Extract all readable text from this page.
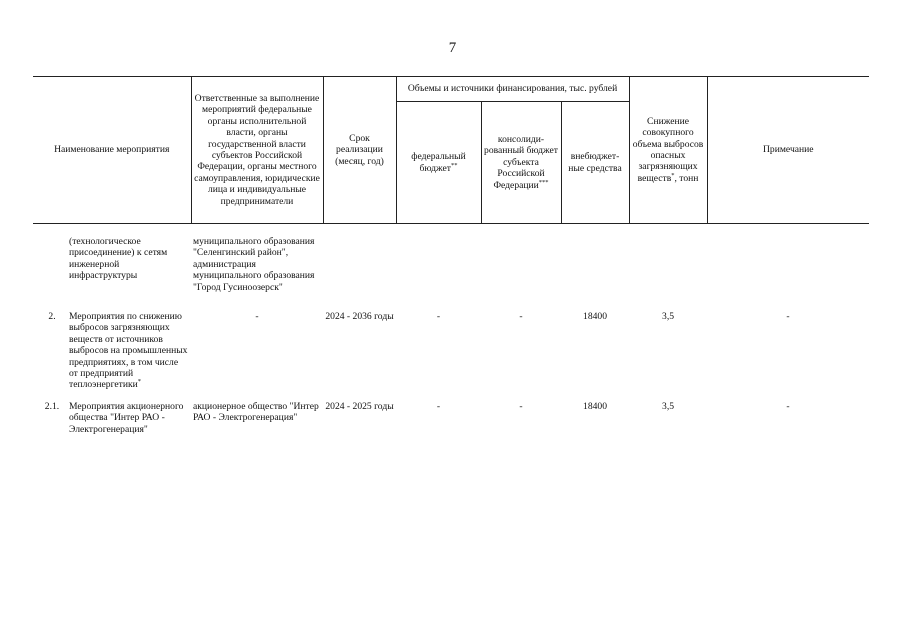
7
Наименование мероприятия	Ответственные за выполнение мероприятий федеральные органы исполнительной власти, органы государственной власти субъектов Российской Федерации, органы местного самоуправления, юридические лица и индивидуальные предприниматели	Срок реализации (месяц, год)	Объемы и источники финансирования, тыс. рублей			Снижение совокупного объема выбросов опасных загрязняющих веществ*, тонн	Примечание
			федеральный бюджет**	консолиди-рованный бюджет субъекта Российской Федерации***	внебюджет-ные средства		

(технологическое присоединение) к сетям инженерной инфраструктуры	муниципального образования "Селенгинский район", администрация муниципального образования "Город Гусиноозерск"						

2. Мероприятия по снижению выбросов загрязняющих веществ от источников выбросов на промышленных предприятиях, в том числе от предприятий теплоэнергетики*	-	2024 - 2036 годы	-	-	18400	3,5	-

2.1. Мероприятия акционерного общества "Интер РАО - Электрогенерация"	акционерное общество "Интер РАО - Электрогенерация"	2024 - 2025 годы	-	-	18400	3,5	-
